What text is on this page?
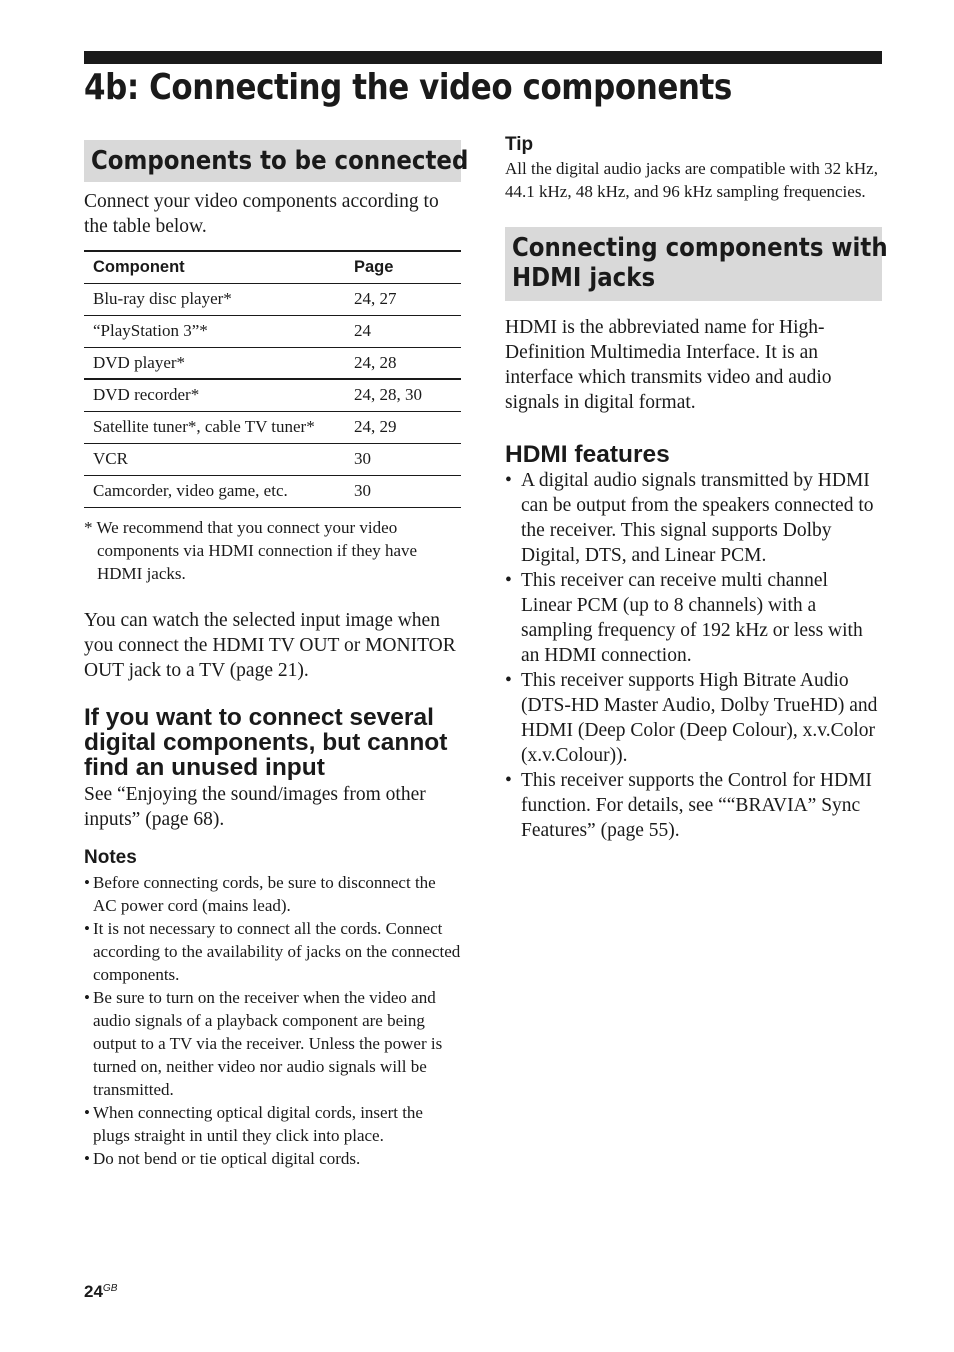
4b: Connecting the video components
Components to be connected

Connect your video components according to the table below.

Component	Page
Blu-ray disc player*	24, 27
“PlayStation 3”*	24
DVD player*	24, 28
DVD recorder*	24, 28, 30
Satellite tuner*, cable TV tuner*	24, 29
VCR	30
Camcorder, video game, etc.	30

* We recommend that you connect your video components via HDMI connection if they have HDMI jacks.

You can watch the selected input image when you connect the HDMI TV OUT or MONITOR OUT jack to a TV (page 21).

If you want to connect several digital components, but cannot find an unused input

See “Enjoying the sound/images from other inputs” (page 68).

Notes
• Before connecting cords, be sure to disconnect the AC power cord (mains lead).
• It is not necessary to connect all the cords. Connect according to the availability of jacks on the connected components.
• Be sure to turn on the receiver when the video and audio signals of a playback component are being output to a TV via the receiver. Unless the power is turned on, neither video nor audio signals will be transmitted.
• When connecting optical digital cords, insert the plugs straight in until they click into place.
• Do not bend or tie optical digital cords.
Tip

All the digital audio jacks are compatible with 32 kHz, 44.1 kHz, 48 kHz, and 96 kHz sampling frequencies.

Connecting components with
HDMI jacks

HDMI is the abbreviated name for High-Definition Multimedia Interface. It is an interface which transmits video and audio signals in digital format.

HDMI features
• A digital audio signals transmitted by HDMI can be output from the speakers connected to the receiver. This signal supports Dolby Digital, DTS, and Linear PCM.
• This receiver can receive multi channel Linear PCM (up to 8 channels) with a sampling frequency of 192 kHz or less with an HDMI connection.
• This receiver supports High Bitrate Audio (DTS-HD Master Audio, Dolby TrueHD) and HDMI (Deep Color (Deep Colour), x.v.Color (x.v.Colour)).
• This receiver supports the Control for HDMI function. For details, see ““BRAVIA” Sync Features” (page 55).
$24^{GB}$
